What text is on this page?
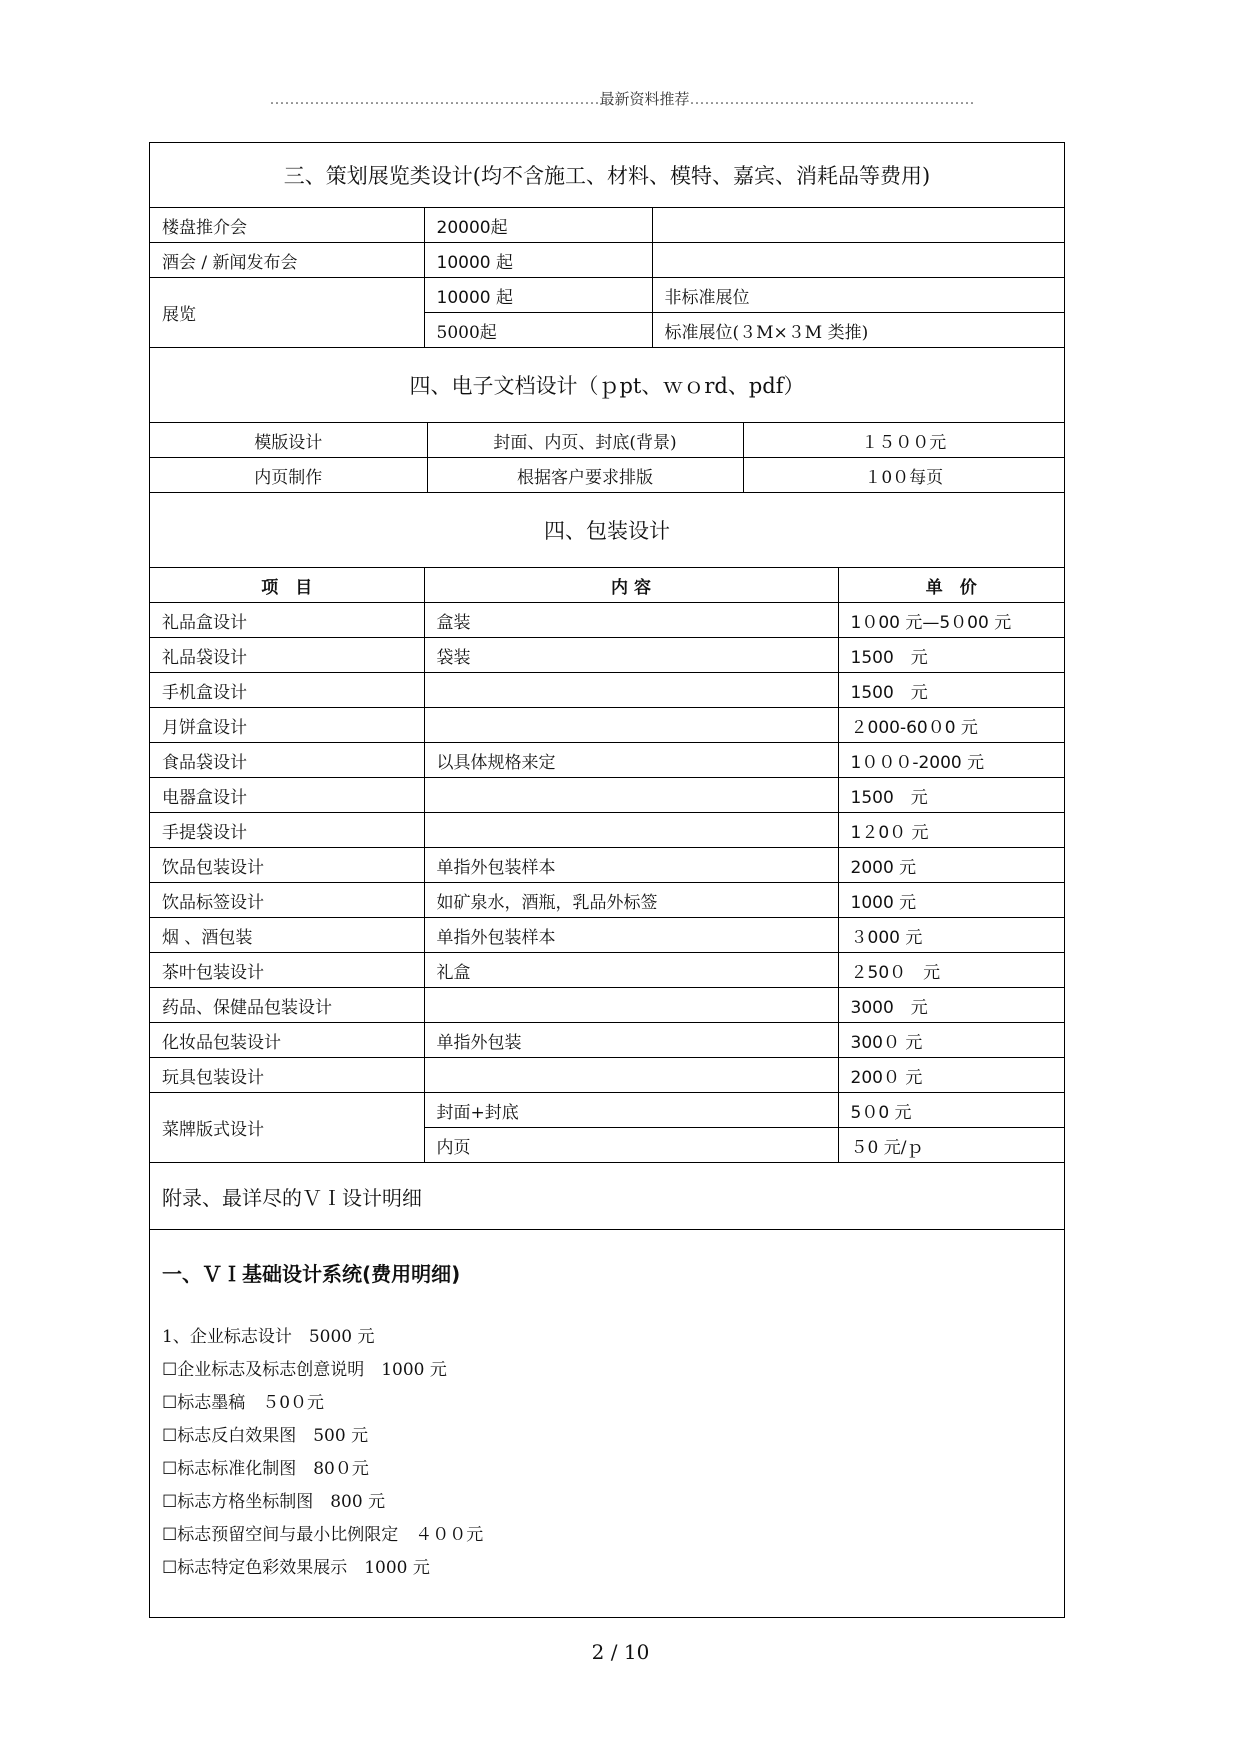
…………………………………………………………最新资料推荐…………………………………………………
三、策划展览类设计(均不含施工、材料、模特、嘉宾、消耗品等费用)		
楼盘推介会	20000起	
酒会 / 新闻发布会	10000 起	
展览	10000 起	非标准展位
	5000起	标准展位(３M×３M 类推)
四、电子文档设计（ｐpt、ｗｏrd、pdf）		
模版设计	封面、内页、封底(背景)	１５００元
内页制作	根据客户要求排版	１0０每页
四、包装设计		
项　目	内 容	单　价
礼品盒设计	盒装	1０00 元—5０00 元
礼品袋设计	袋装	1500　元
手机盒设计		1500　元
月饼盒设计		２000-60０0 元
食品袋设计	以具体规格来定	1０００-2000 元
电器盒设计		1500　元
手提袋设计		1２0０ 元
饮品包装设计	单指外包装样本	2000 元
饮品标签设计	如矿泉水，酒瓶，乳品外标签	1000 元
烟 、酒包装	单指外包装样本	３000 元
茶叶包装设计	礼盒	２50０　元
药品、保健品包装设计		3000　元
化妆品包装设计	单指外包装	300０ 元
玩具包装设计		200０ 元
菜牌版式设计	封面+封底	5０0 元
	内页	５0 元/ｐ
附录、最详尽的ＶＩ设计明细

一、ＶＩ基础设计系统(费用明细)
1、企业标志设计　5000 元
☐企业标志及标志创意说明　1000 元
☐标志墨稿　５0０元
☐标志反白效果图　500 元
☐标志标准化制图　80０元
☐标志方格坐标制图　800 元
☐标志预留空间与最小比例限定　４００元
☐标志特定色彩效果展示　1000 元
2 / 10
